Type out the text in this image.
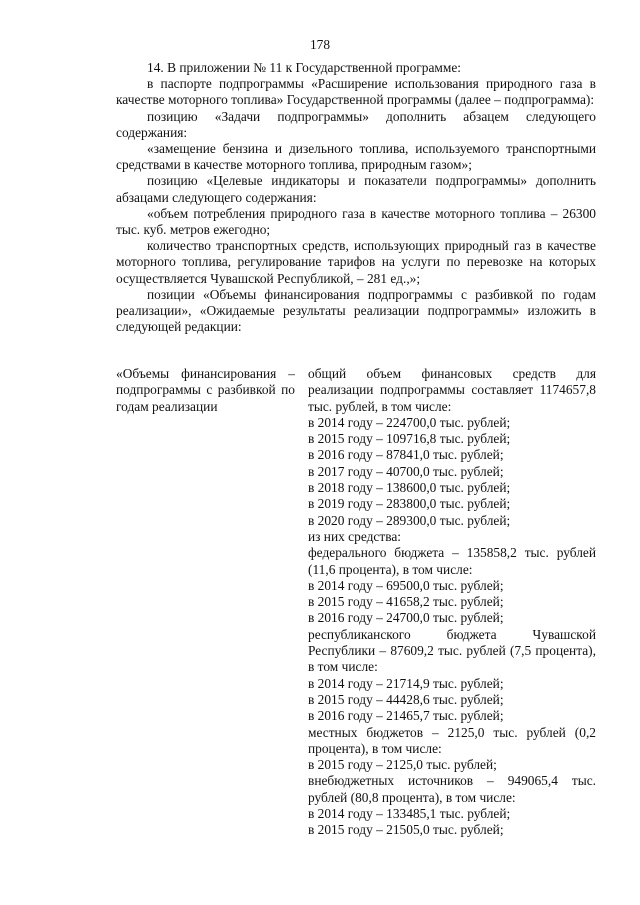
178

14. В приложении № 11 к Государственной программе:

в паспорте подпрограммы «Расширение использования природного газа в качестве моторного топлива» Государственной программы (далее – подпрограмма):

позицию «Задачи подпрограммы» дополнить абзацем следующего содержания:

«замещение бензина и дизельного топлива, используемого транспортными средствами в качестве моторного топлива, природным газом»;

позицию «Целевые индикаторы и показатели подпрограммы» дополнить абзацами следующего содержания:

«объем потребления природного газа в качестве моторного топлива – 26300 тыс. куб. метров ежегодно;

количество транспортных средств, использующих природный газ в качестве моторного топлива, регулирование тарифов на услуги по перевозке на которых осуществляется Чувашской Республикой, – 281 ед.,»;

позиции «Объемы финансирования подпрограммы с разбивкой по годам реализации», «Ожидаемые результаты реализации подпрограммы» изложить в следующей редакции:

«Объемы финансирования – подпрограммы с разбивкой по годам реализации
общий объем финансовых средств для реализации подпрограммы составляет 1174657,8 тыс. рублей, в том числе:
в 2014 году – 224700,0 тыс. рублей;
в 2015 году – 109716,8 тыс. рублей;
в 2016 году – 87841,0 тыс. рублей;
в 2017 году – 40700,0 тыс. рублей;
в 2018 году – 138600,0 тыс. рублей;
в 2019 году – 283800,0 тыс. рублей;
в 2020 году – 289300,0 тыс. рублей;
из них средства:
федерального бюджета – 135858,2 тыс. рублей (11,6 процента), в том числе:
в 2014 году – 69500,0 тыс. рублей;
в 2015 году – 41658,2 тыс. рублей;
в 2016 году – 24700,0 тыс. рублей;
республиканского бюджета Чувашской Республики – 87609,2 тыс. рублей (7,5 процента), в том числе:
в 2014 году – 21714,9 тыс. рублей;
в 2015 году – 44428,6 тыс. рублей;
в 2016 году – 21465,7 тыс. рублей;
местных бюджетов – 2125,0 тыс. рублей (0,2 процента), в том числе:
в 2015 году – 2125,0 тыс. рублей;
внебюджетных источников – 949065,4 тыс. рублей (80,8 процента), в том числе:
в 2014 году – 133485,1 тыс. рублей;
в 2015 году – 21505,0 тыс. рублей;
